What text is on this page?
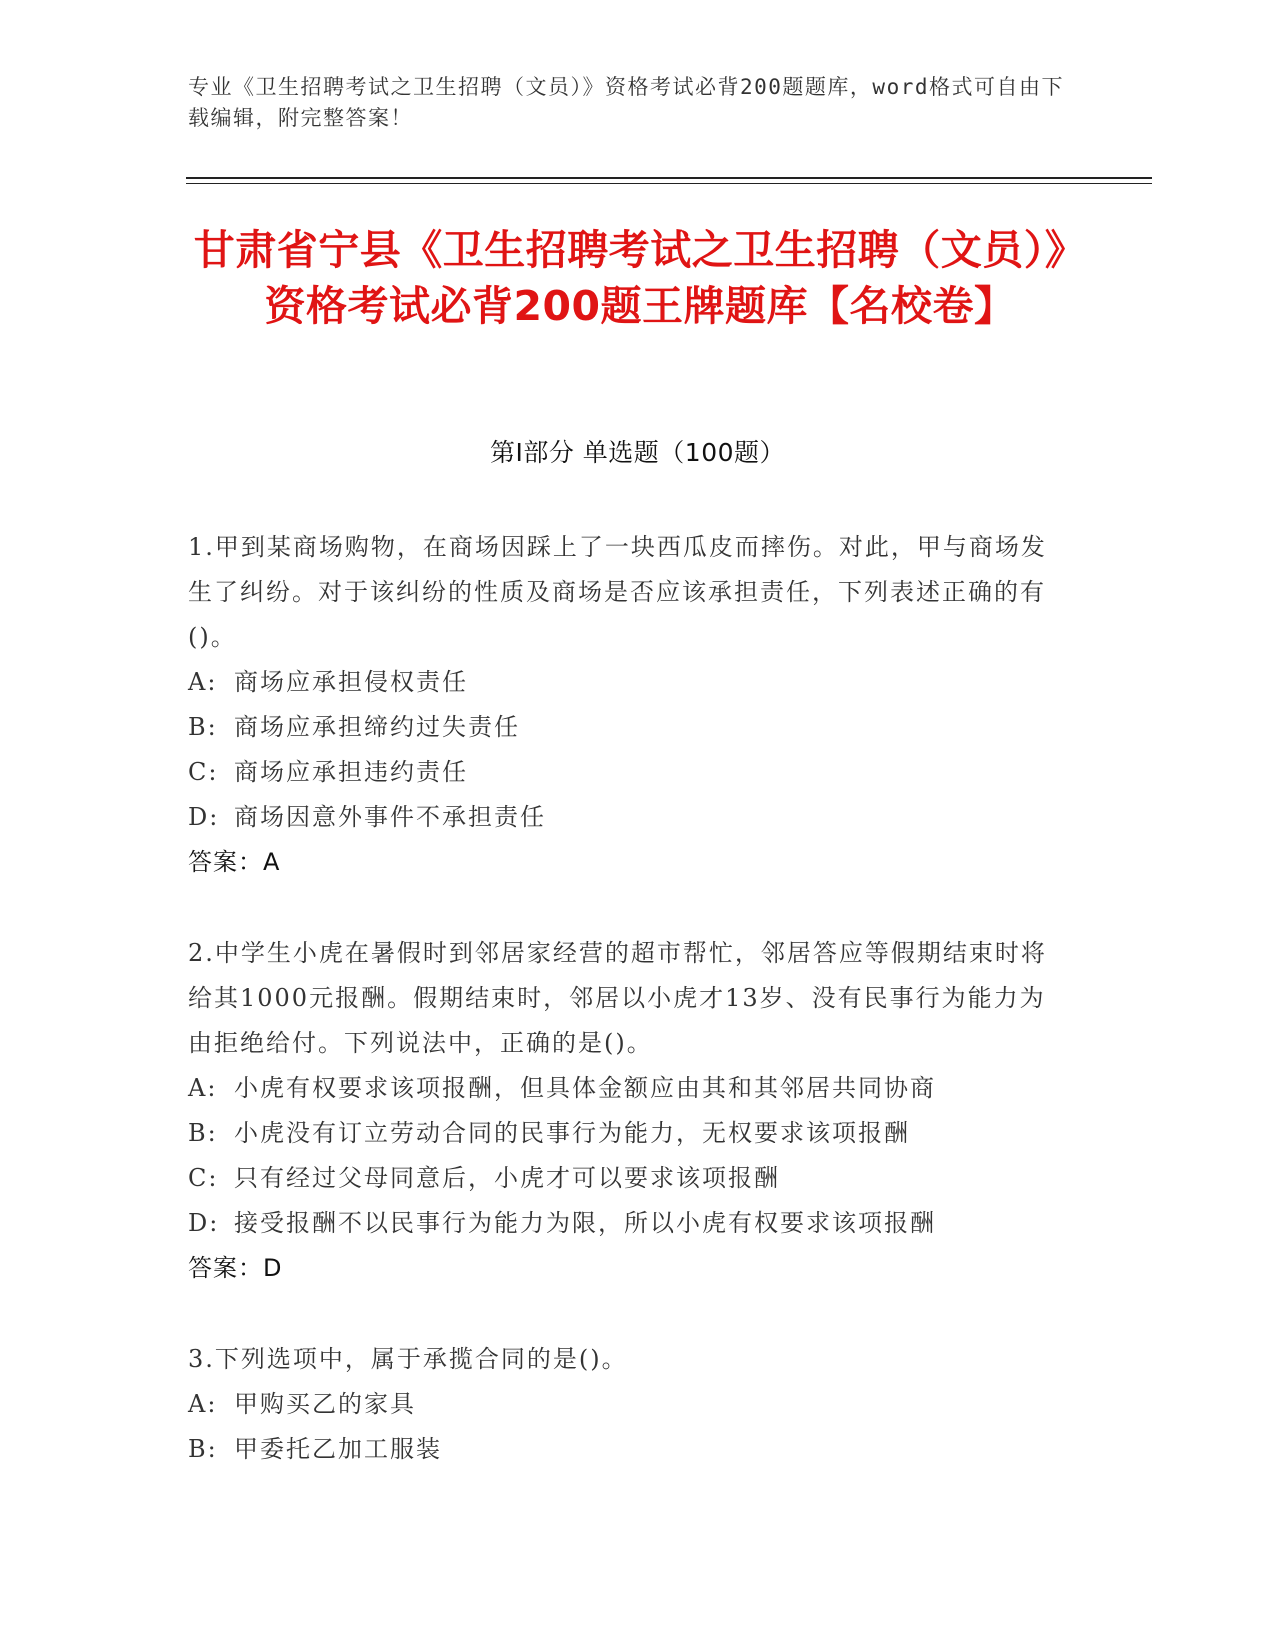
专业《卫生招聘考试之卫生招聘（文员）》资格考试必背200题题库，word格式可自由下载编辑，附完整答案！
甘肃省宁县《卫生招聘考试之卫生招聘（文员）》资格考试必背200题王牌题库【名校卷】
第I部分 单选题（100题）

1.甲到某商场购物，在商场因踩上了一块西瓜皮而摔伤。对此，甲与商场发生了纠纷。对于该纠纷的性质及商场是否应该承担责任，下列表述正确的有()。

A: 商场应承担侵权责任

B: 商场应承担缔约过失责任

C: 商场应承担违约责任

D: 商场因意外事件不承担责任

答案：A

2.中学生小虎在暑假时到邻居家经营的超市帮忙，邻居答应等假期结束时将给其1000元报酬。假期结束时，邻居以小虎才13岁、没有民事行为能力为由拒绝给付。下列说法中，正确的是()。

A: 小虎有权要求该项报酬，但具体金额应由其和其邻居共同协商

B: 小虎没有订立劳动合同的民事行为能力，无权要求该项报酬

C: 只有经过父母同意后，小虎才可以要求该项报酬

D: 接受报酬不以民事行为能力为限，所以小虎有权要求该项报酬

答案：D

3.下列选项中，属于承揽合同的是()。

A: 甲购买乙的家具

B: 甲委托乙加工服装
